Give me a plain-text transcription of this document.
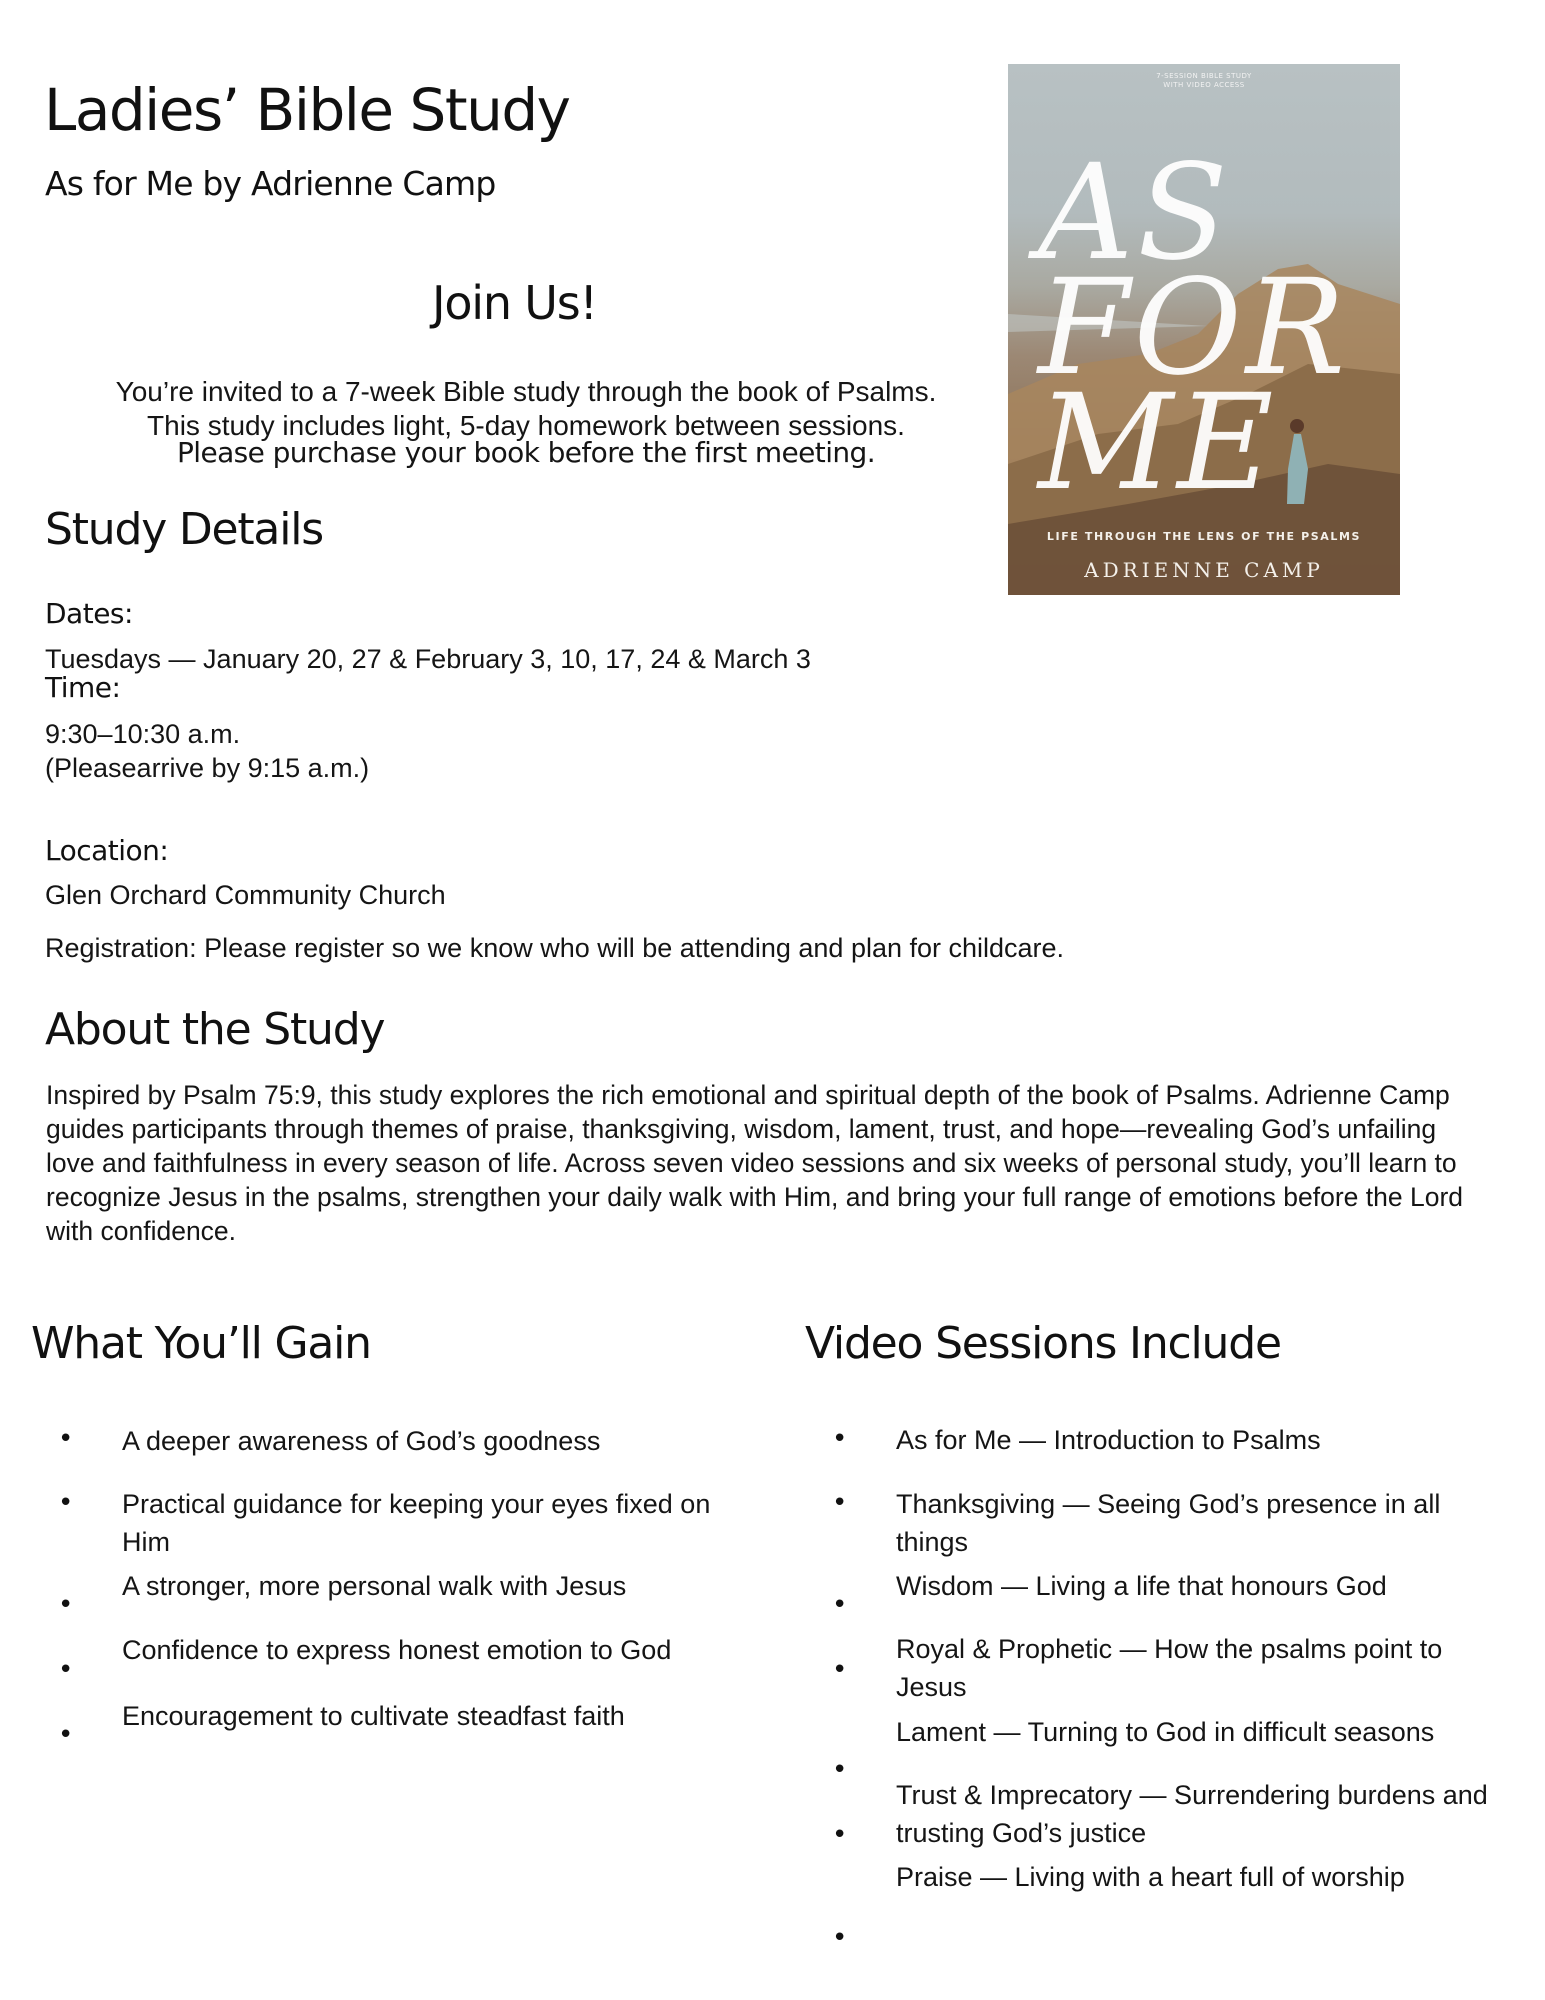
Ladies’ Bible Study
As for Me by Adrienne Camp
Join Us!
You’re invited to a 7-week Bible study through the book of Psalms.
This study includes light, 5-day homework between sessions.
Please purchase your book before the first meeting.
7-SESSION BIBLE STUDY
WITH VIDEO ACCESS
AS
FOR
ME
LIFE THROUGH THE LENS OF THE PSALMS
ADRIENNE CAMP
Study Details
Dates:
Tuesdays — January 20, 27 & February 3, 10, 17, 24 & March 3
Time:
9:30–10:30 a.m.
(Pleasearrive by 9:15 a.m.)
Location:
Glen Orchard Community Church
Registration: Please register so we know who will be attending and plan for childcare.
About the Study
Inspired by Psalm 75:9, this study explores the rich emotional and spiritual depth of the book of Psalms. Adrienne Camp guides participants through themes of praise, thanksgiving, wisdom, lament, trust, and hope—revealing God’s unfailing love and faithfulness in every season of life. Across seven video sessions and six weeks of personal study, you’ll learn to recognize Jesus in the psalms, strengthen your daily walk with Him, and bring your full range of emotions before the Lord with confidence.
What You’ll Gain
• A deeper awareness of God’s goodness
• Practical guidance for keeping your eyes fixed on Him
•
A stronger, more personal walk with Jesus
•
Confidence to express honest emotion to God
•
Encouragement to cultivate steadfast faith
Video Sessions Include
• As for Me — Introduction to Psalms
• Thanksgiving — Seeing God’s presence in all things
•
Wisdom — Living a life that honours God
•
Royal & Prophetic — How the psalms point to Jesus
•
Lament — Turning to God in difficult seasons
•
Trust & Imprecatory — Surrendering burdens and trusting God’s justice
•
Praise — Living with a heart full of worship
